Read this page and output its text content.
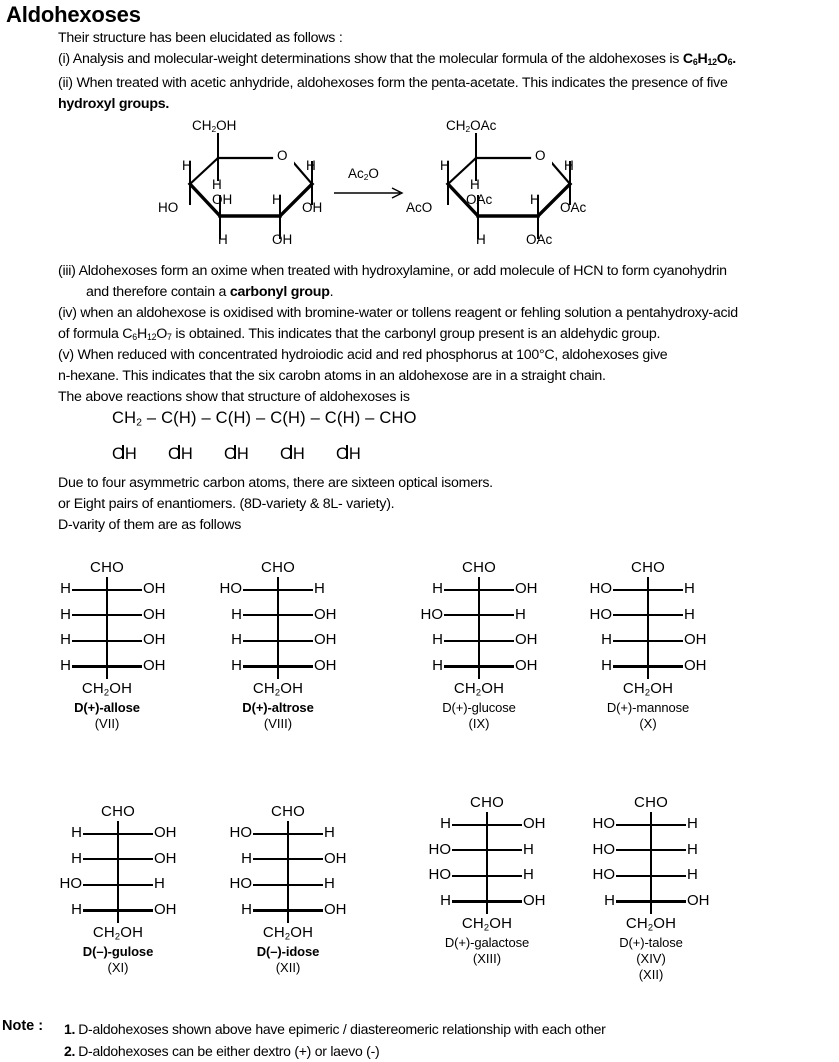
Aldohexoses
Their structure has been elucidated as follows :
(i) Analysis and molecular-weight determinations show that the molecular formula of the aldohexoses is $C_6H_{12}O_6$.
(ii) When treated with acetic anhydride, aldohexoses form the penta-acetate. This indicates the presence of five
hydroxyl groups.
$CH_2OH$
O
H
H
HO
OH
H
H
OH
H
OH
$Ac_2O$
$CH_2OAc$
O
H
H
AcO
OAc
H
H
OAc
H
OAc
(iii) Aldohexoses form an oxime when treated with hydroxylamine, or add molecule of HCN to form cyanohydrin
and therefore contain a carbonyl group.
(iv) when an aldohexose is oxidised with bromine-water or tollens reagent or fehling solution a pentahydroxy-acid
of formula $C_6H_{12}O_7$ is obtained. This indicates that the carbonyl group present is an aldehydic group.
(v) When reduced with concentrated hydroiodic acid and red phosphorus at 100°C, aldohexoses give
n-hexane. This indicates that the six carobn atoms in an aldohexose are in a straight chain.
The above reactions show that structure of aldohexoses is
$CH_2 - C(H) - C(H) - C(H) - C(H)$ – CHO
OH OH OH OH OH
Due to four asymmetric carbon atoms, there are sixteen optical isomers.
or Eight pairs of enantiomers. (8D-variety & 8L- variety).
D-varity of them are as follows
CHO
H	OH
H	OH
H	OH
H	OH
$CH_2OH$
D(+)-allose
(VII)
CHO
HO	H
H	OH
H	OH
H	OH
$CH_2OH$
D(+)-altrose
(VIII)
CHO
H	OH
HO	H
H	OH
H	OH
$CH_2OH$
D(+)-glucose
(IX)
CHO
HO	H
HO	H
H	OH
H	OH
$CH_2OH$
D(+)-mannose
(X)
CHO
H	OH
H	OH
HO	H
H	OH
$CH_2OH$
D(–)-gulose
(XI)
CHO
HO	H
H	OH
HO	H
H	OH
$CH_2OH$
D(–)-idose
(XII)
CHO
H	OH
HO	H
HO	H
H	OH
$CH_2OH$
D(+)-galactose
(XIII)
CHO
HO	H
HO	H
HO	H
H	OH
$CH_2OH$
D(+)-talose
(XIV)
(XII)
Note : 1. D-aldohexoses shown above have epimeric / diastereomeric relationship with each other
2. D-aldohexoses can be either dextro (+) or laevo (-)
